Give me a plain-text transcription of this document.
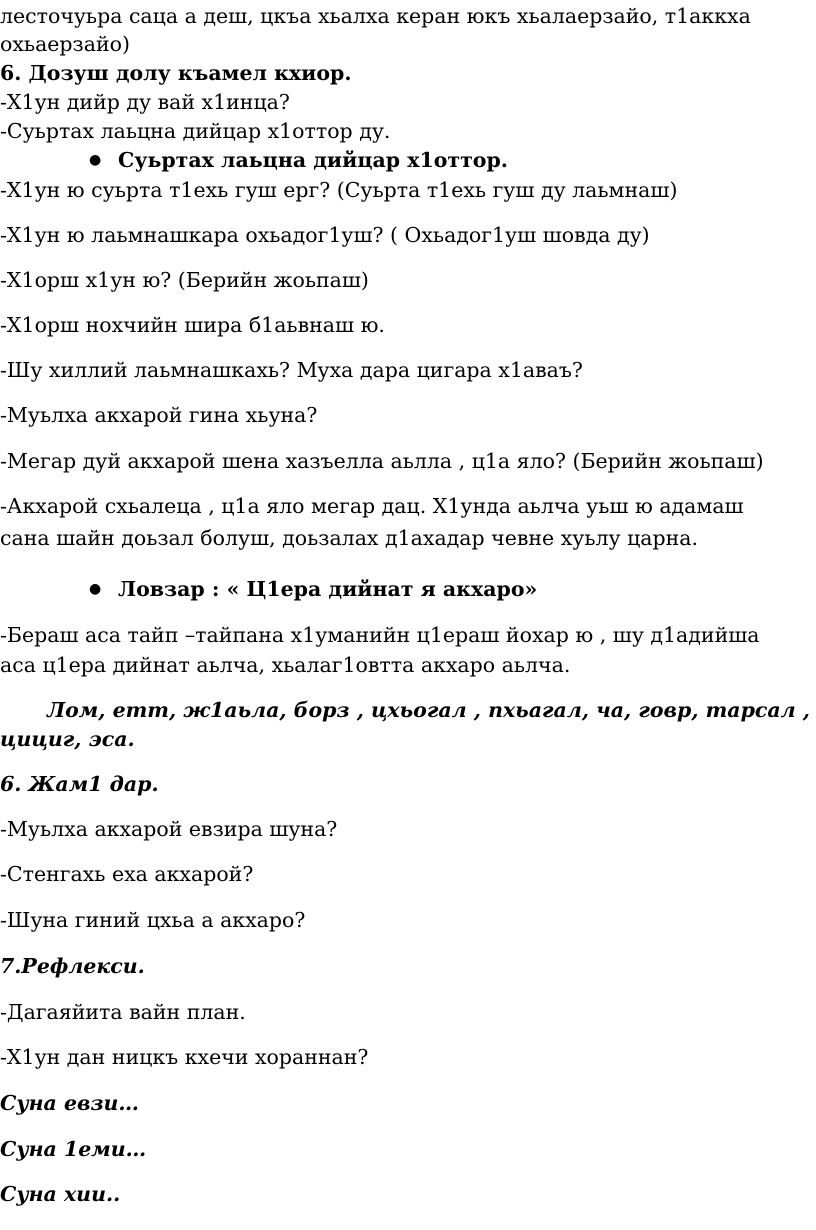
лесточуьра саца а деш, цкъа хьалха керан юкъ хьалаерзайо, т1аккха

охьаерзайо)

6. Дозуш долу къамел кхиор.

-Х1ун дийр ду вай х1инца?

-Суьртах лаьцна дийцар х1оттор ду.

● Суьртах лаьцна дийцар х1оттор.

-Х1ун ю суьрта т1ехь гуш ерг? (Суьрта т1ехь гуш ду лаьмнаш)

-Х1ун ю лаьмнашкара охьадог1уш? ( Охьадог1уш шовда ду)

-Х1орш х1ун ю? (Берийн жоьпаш)

-Х1орш нохчийн шира б1аьвнаш ю.

-Шу хиллий лаьмнашкахь? Муха дара цигара х1аваъ?

-Муьлха акхарой гина хьуна?

-Мегар дуй акхарой шена хазъелла аьлла , ц1а яло? (Берийн жоьпаш)

-Акхарой схьалеца , ц1а яло мегар дац. Х1унда аьлча уьш ю адамаш

сана шайн доьзал болуш, доьзалах д1ахадар чевне хуьлу царна.

● Ловзар : « Ц1ера дийнат я акхаро»

-Бераш аса тайп –тайпана х1уманийн ц1ераш йохар ю , шу д1адийша

аса ц1ера дийнат аьлча, хьалаг1овтта акхаро аьлча.

Лом, етт, ж1аьла, борз , цхьогал , пхьагал, ча, говр, тарсал ,

цициг, эса.

6. Жам1 дар.

-Муьлха акхарой евзира шуна?

-Стенгахь еха акхарой?

-Шуна гиний цхьа а акхаро?

7.Рефлекси.

-Дагаяйита вайн план.

-Х1ун дан ницкъ кхечи хораннан?

Суна евзи…

Суна 1еми…

Суна хии..
